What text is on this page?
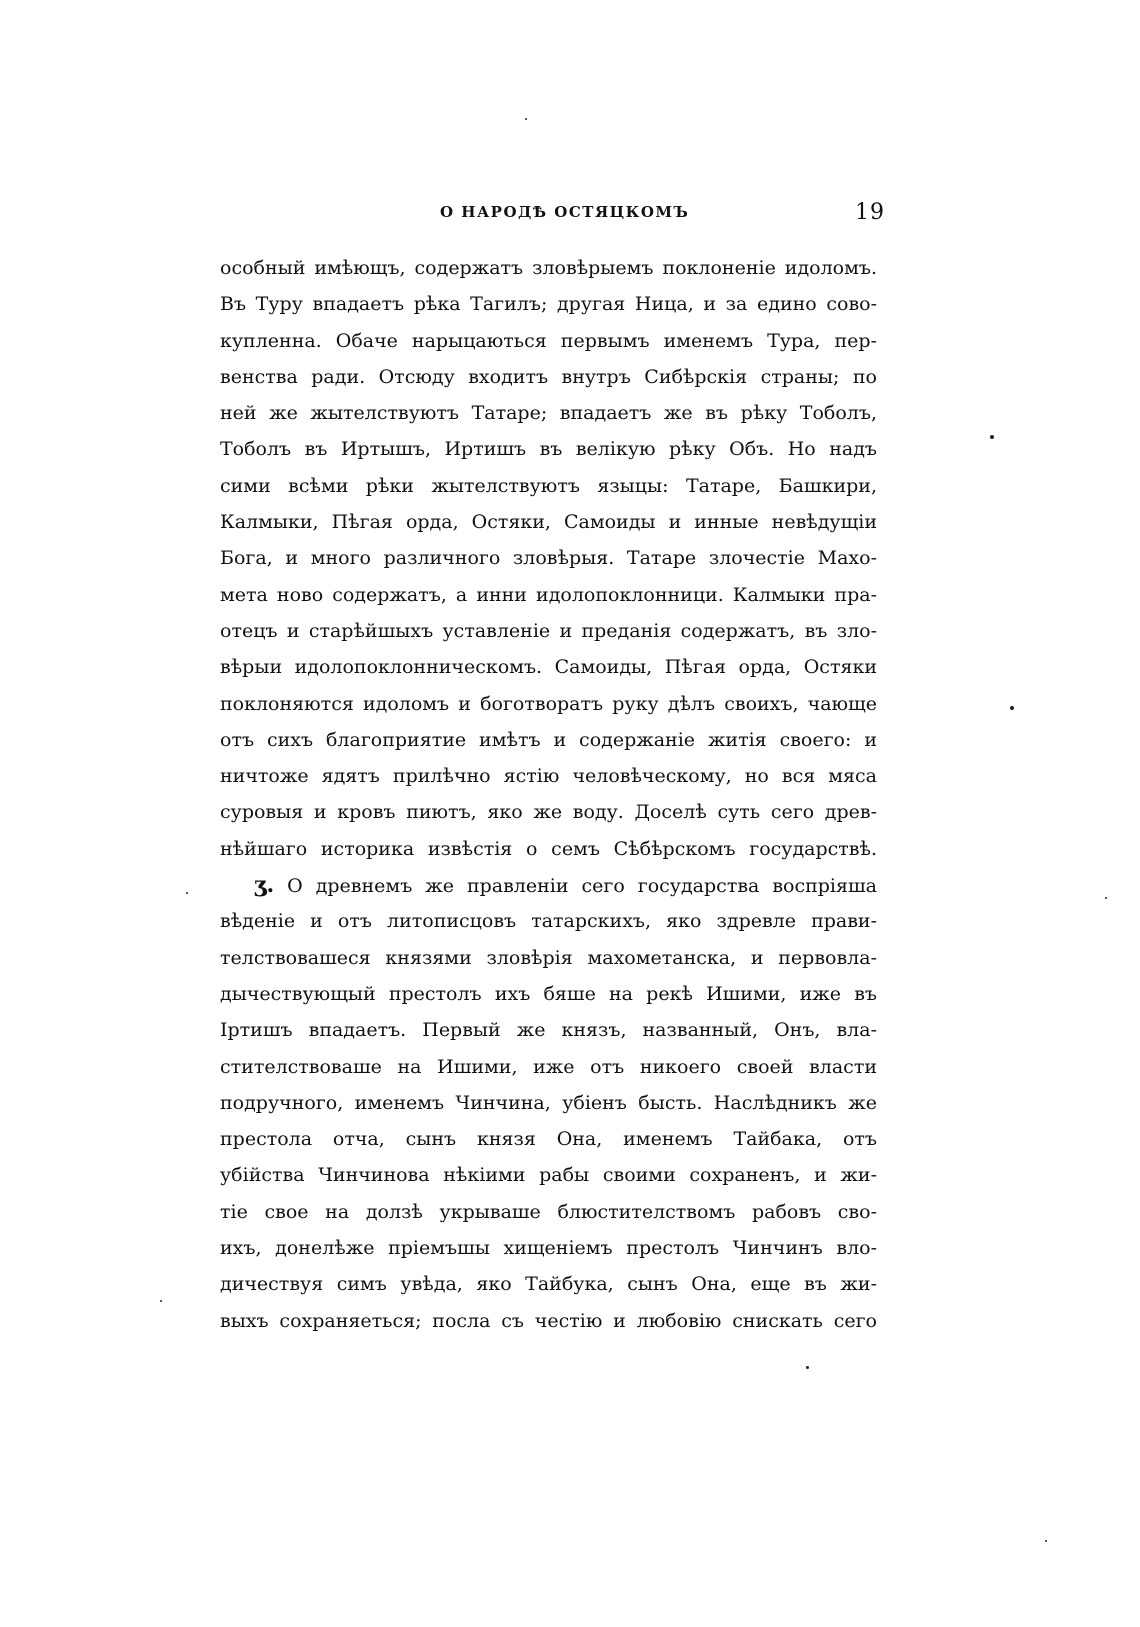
О НАРОДѢ ОСТЯЦКОМЪ	19
особный имѣющъ, содержатъ зловѣрыемъ поклоненіе идоломъ.
Въ Туру впадаетъ рѣка Тагилъ; другая Ница, и за едино сово-
купленна. Обаче нарыцаються первымъ именемъ Тура, пер-
венства ради. Отсюду входитъ внутръ Сибѣрскія страны; по
ней же жытелствуютъ Татаре; впадаетъ же въ рѣку Тоболъ,
Тоболъ въ Иртышъ, Иртишъ въ велікую рѣку Объ. Но надъ
сими всѣми рѣки жытелствуютъ языцы: Татаре, Башкири,
Калмыки, Пѣгая орда, Остяки, Самоиды и инные невѣдущіи
Бога, и много различного зловѣрыя. Татаре злочестіе Махо-
мета ново содержатъ, а инни идолопоклонници. Калмыки пра-
отецъ и старѣйшыхъ уставленіе и преданія содержатъ, въ зло-
вѣрыи идолопоклонническомъ. Самоиды, Пѣгая орда, Остяки
поклоняются идоломъ и боготворатъ руку дѣлъ своихъ, чающе
отъ сихъ благоприятие имѣтъ и содержаніе житія своего: и
ничтоже ядятъ прилѣчно ястію человѣческому, но вся мяса
суровыя и кровъ пиютъ, яко же воду. Доселѣ суть сего древ-
нѣйшаго историка извѣстія о семъ Сѣбѣрскомъ государствѣ.
ӡ. О древнемъ же правленіи сего государства воспріяша
вѣденіе и отъ литописцовъ татарскихъ, яко здревле прави-
телствовашеся князями зловѣрія махометанска, и первовла-
дычествующый престолъ ихъ бяше на рекѣ Ишими, иже въ
Іртишъ впадаетъ. Первый же князъ, названный, Онъ, вла-
стителствоваше на Ишими, иже отъ никоего своей власти
подручного, именемъ Чинчина, убіенъ бысть. Наслѣдникъ же
престола отча, сынъ князя Она, именемъ Тайбака, отъ
убійства Чинчинова нѣкіими рабы своими сохраненъ, и жи-
тіе свое на долзѣ укрываше блюстителствомъ рабовъ сво-
ихъ, донелѣже пріемъшы хищеніемъ престолъ Чинчинъ вло-
дичествуя симъ увѣда, яко Тайбука, сынъ Она, еще въ жи-
выхъ сохраняеться; посла съ честію и любовію снискать сего
